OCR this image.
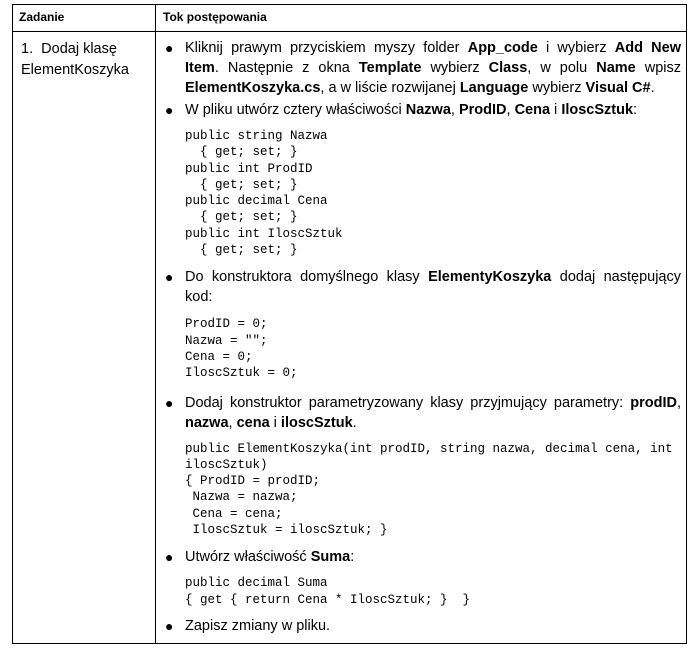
Zadanie	Tok postępowania
1. Dodaj klasę
ElementKoszyka

● Kliknij prawym przyciskiem myszy folder App_code i wybierz Add New Item. Następnie z okna Template wybierz Class, w polu Name wpisz ElementKoszyka.cs, a w liście rozwijanej Language wybierz Visual C#.

● W pliku utwórz cztery właściwości Nazwa, ProdID, Cena i IloscSztuk:

public string Nazwa
{ get; set; }
public int ProdID
{ get; set; }
public decimal Cena
{ get; set; }
public int IloscSztuk
{ get; set; }

● Do konstruktora domyślnego klasy ElementyKoszyka dodaj następujący kod:

ProdID = 0;
Nazwa = "";
Cena = 0;
IloscSztuk = 0;

● Dodaj konstruktor parametryzowany klasy przyjmujący parametry: prodID, nazwa, cena i iloscSztuk.

public ElementKoszyka(int prodID, string nazwa, decimal cena, int
iloscSztuk)
{ ProdID = prodID;
Nazwa = nazwa;
Cena = cena;
IloscSztuk = iloscSztuk; }

● Utwórz właściwość Suma:

public decimal Suma
{ get { return Cena * IloscSztuk; }  }

● Zapisz zmiany w pliku.
